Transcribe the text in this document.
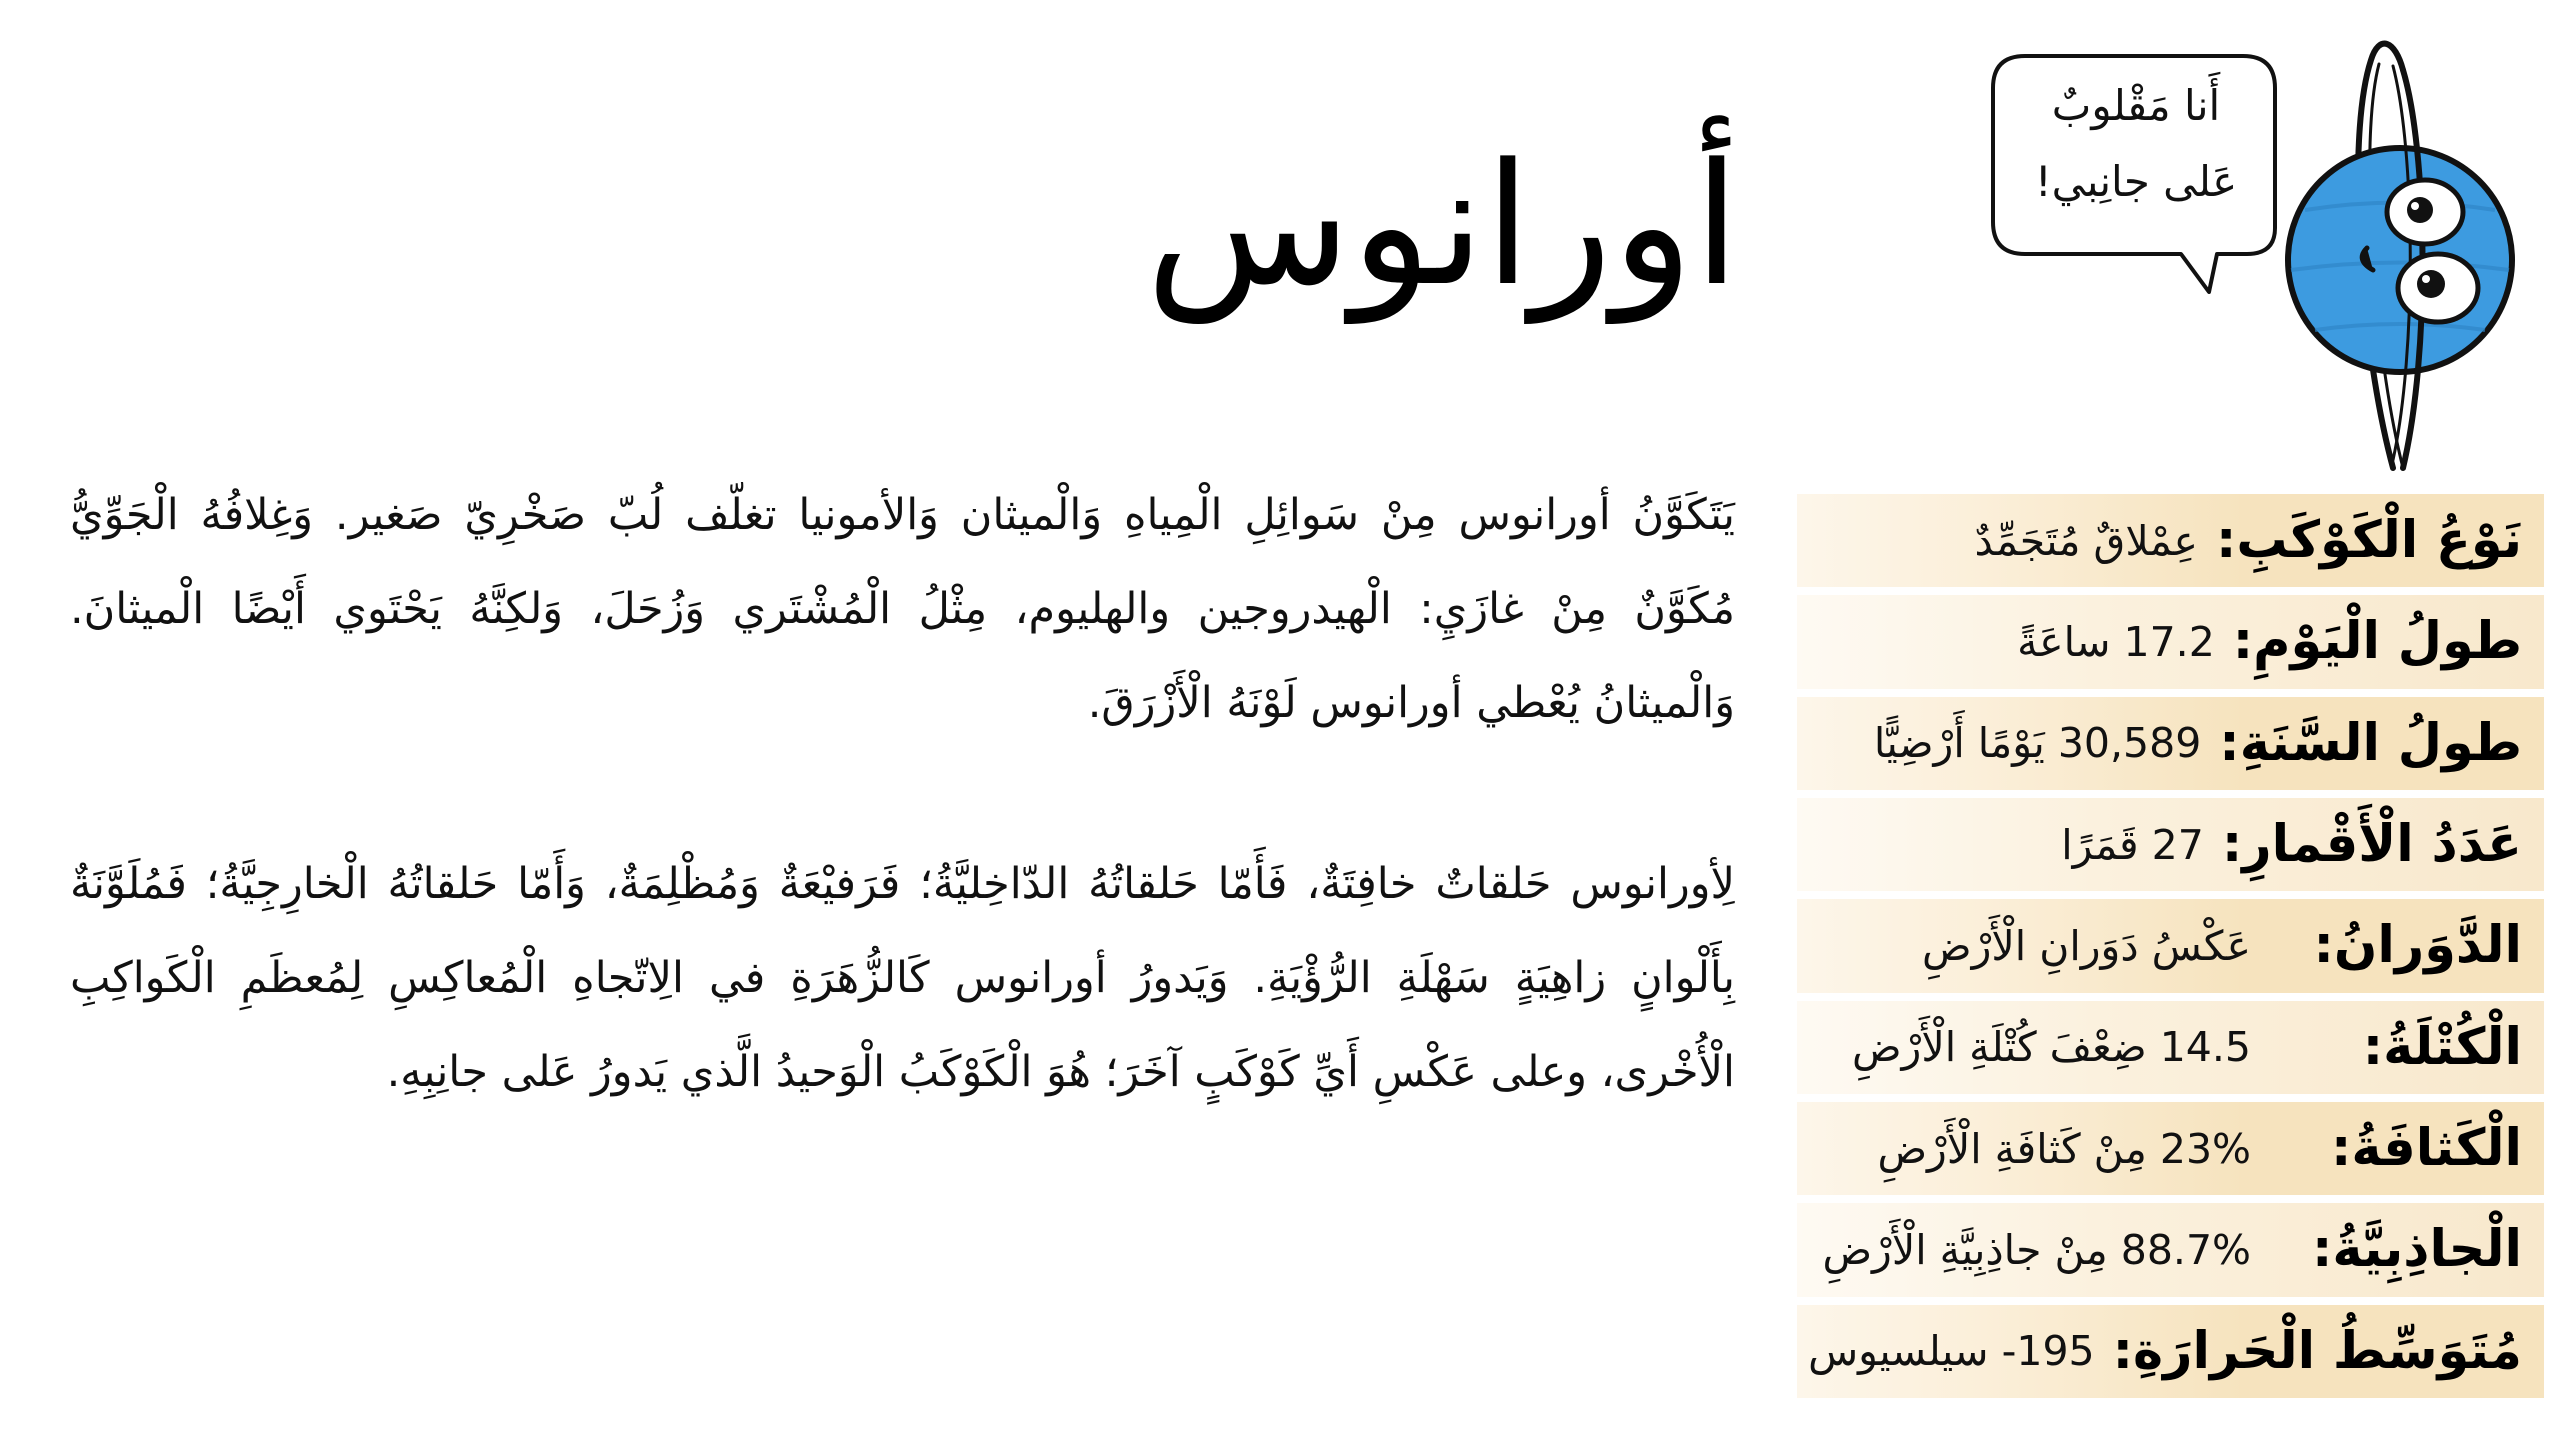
أورانوس

يَتَكَوَّنُ أورانوس مِنْ سَوائِلِ الْمِياهِ وَالْميثان وَالأمونيا تغلّف لُبّ صَخْرِيّ صَغير. وَغِلافُهُ الْجَوِّيُّ مُكَوَّنٌ مِنْ غازَيِ: الْهيدروجين والهليوم، مِثْلُ الْمُشْتَري وَزُحَلَ، وَلكِنَّهُ يَحْتَوي أَيْضًا الْميثانَ. وَالْميثانُ يُعْطي أورانوس لَوْنَهُ الْأَزْرَقَ.

لِأورانوس حَلقاتٌ خافِتَةٌ، فَأَمّا حَلقاتُهُ الدّاخِليَّةُ؛ فَرَفيْعَةٌ وَمُظْلِمَةٌ، وَأَمّا حَلقاتُهُ الْخارِجِيَّةُ؛ فَمُلَوَّنَةٌ بِأَلْوانٍ زاهِيَةٍ سَهْلَةِ الرُّؤْيَةِ. وَيَدورُ أورانوس كَالزُّهَرَةِ في الِاتّجاهِ الْمُعاكِسِ لِمُعظَمِ الْكَواكِبِ الْأُخْرى، وعلى عَكْسِ أَيِّ كَوْكَبٍ آخَرَ؛ هُوَ الْكَوْكَبُ الْوَحيدُ الَّذي يَدورُ عَلى جانِبِهِ.

أَنا مَقْلوبٌ
عَلى جانِبي!

نَوْعُ الْكَوْكَبِ:
عِمْلاقٌ مُتَجَمِّدٌ
طولُ الْيَوْمِ:
17.2 ساعَةً
طولُ السَّنَةِ:
30,589 يَوْمًا أَرْضِيًّا
عَدَدُ الْأَقْمارِ:
27 قَمَرًا
الدَّوَرانُ:
عَكْسُ دَوَرانِ الْأَرْضِ
الْكُتْلَةُ:
14.5 ضِعْفَ كُتْلَةِ الْأَرْضِ
الْكَثافَةُ:
23% مِنْ كَثافَةِ الْأَرْضِ
الْجاذِبِيَّةُ:
88.7% مِنْ جاذِبِيَّةِ الْأَرْضِ
مُتَوَسِّطُ الْحَرارَةِ:
195- سيلسيوس
